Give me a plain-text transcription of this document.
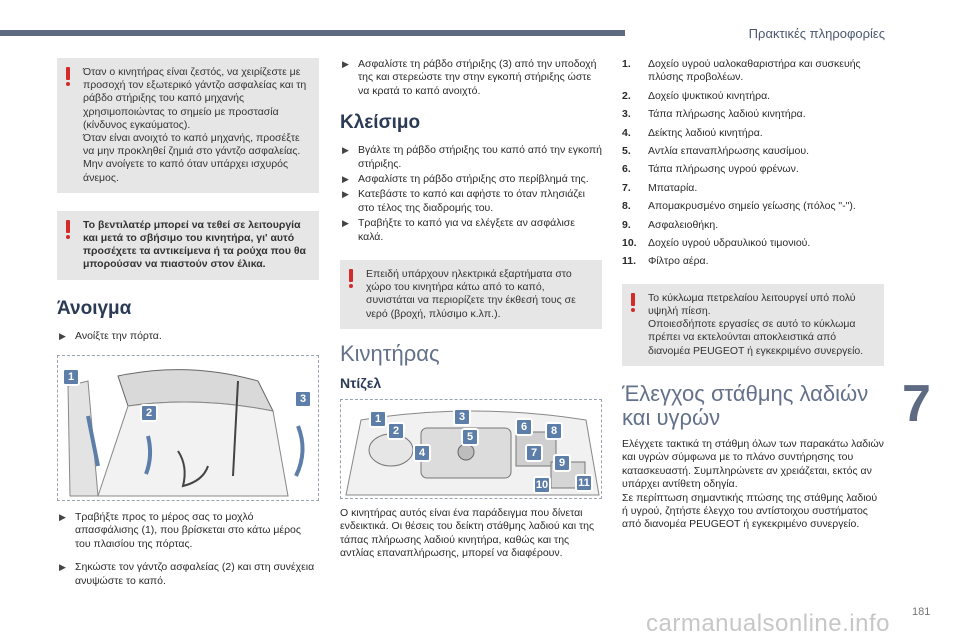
Πρακτικές πληροφορίες

Όταν ο κινητήρας είναι ζεστός, να χειρίζεστε με προσοχή τον εξωτερικό γάντζο ασφαλείας και τη ράβδο στήριξης του καπό μηχανής χρησιμοποιώντας το σημείο με προστασία (κίνδυνος εγκαύματος).

Όταν είναι ανοιχτό το καπό μηχανής, προσέξτε να μην προκληθεί ζημιά στο γάντζο ασφαλείας.

Μην ανοίγετε το καπό όταν υπάρχει ισχυρός άνεμος.

Το βεντιλατέρ μπορεί να τεθεί σε λειτουργία και μετά το σβήσιμο του κινητήρα, γι' αυτό προσέχετε τα αντικείμενα ή τα ρούχα που θα μπορούσαν να πιαστούν στον έλικα.

Άνοιγμα
▶ Ανοίξτε την πόρτα.
1
2
3
▶ Τραβήξτε προς το μέρος σας το μοχλό απασφάλισης (1), που βρίσκεται στο κάτω μέρος του πλαισίου της πόρτας.
▶ Σηκώστε τον γάντζο ασφαλείας (2) και στη συνέχεια ανυψώστε το καπό.
▶ Ασφαλίστε τη ράβδο στήριξης (3) από την υποδοχή της και στερεώστε την στην εγκοπή στήριξης ώστε να κρατά το καπό ανοιχτό.
Κλείσιμο
▶ Βγάλτε τη ράβδο στήριξης του καπό από την εγκοπή στήριξης.
▶ Ασφαλίστε τη ράβδο στήριξης στο περίβλημά της.
▶ Κατεβάστε το καπό και αφήστε το όταν πλησιάζει στο τέλος της διαδρομής του.
▶ Τραβήξτε το καπό για να ελέγξετε αν ασφάλισε καλά.

Επειδή υπάρχουν ηλεκτρικά εξαρτήματα στο χώρο του κινητήρα κάτω από το καπό, συνιστάται να περιορίζετε την έκθεσή τους σε νερό (βροχή, πλύσιμο κ.λπ.).

Κινητήρας
Ντίζελ
1
2
3
4
5
6
7
8
9
10	11

Ο κινητήρας αυτός είναι ένα παράδειγμα που δίνεται ενδεικτικά. Οι θέσεις του δείκτη στάθμης λαδιού και της τάπας πλήρωσης λαδιού κινητήρα, καθώς και της αντλίας επαναπλήρωσης, μπορεί να διαφέρουν.

1.	Δοχείο υγρού υαλοκαθαριστήρα και συσκευής πλύσης προβολέων.
2.	Δοχείο ψυκτικού κινητήρα.
3.	Τάπα πλήρωσης λαδιού κινητήρα.
4.	Δείκτης λαδιού κινητήρα.
5.	Αντλία επαναπλήρωσης καυσίμου.
6.	Τάπα πλήρωσης υγρού φρένων.
7.	Μπαταρία.
8.	Απομακρυσμένο σημείο γείωσης (πόλος "-").
9.	Ασφαλειοθήκη.
10.	Δοχείο υγρού υδραυλικού τιμονιού.
11.	Φίλτρο αέρα.

Το κύκλωμα πετρελαίου λειτουργεί υπό πολύ υψηλή πίεση.

Οποιεσδήποτε εργασίες σε αυτό το κύκλωμα πρέπει να εκτελούνται αποκλειστικά από διανομέα PEUGEOT ή εγκεκριμένο συνεργείο.

Έλεγχος στάθμης λαδιών και υγρών

Ελέγχετε τακτικά τη στάθμη όλων των παρακάτω λαδιών και υγρών σύμφωνα με το πλάνο συντήρησης του κατασκευαστή. Συμπληρώνετε αν χρειάζεται, εκτός αν υπάρχει αντίθετη οδηγία.

Σε περίπτωση σημαντικής πτώσης της στάθμης λαδιού ή υγρού, ζητήστε έλεγχο του αντίστοιχου συστήματος από διανομέα PEUGEOT ή εγκεκριμένο συνεργείο.

7
carmanualsonline.info 181
